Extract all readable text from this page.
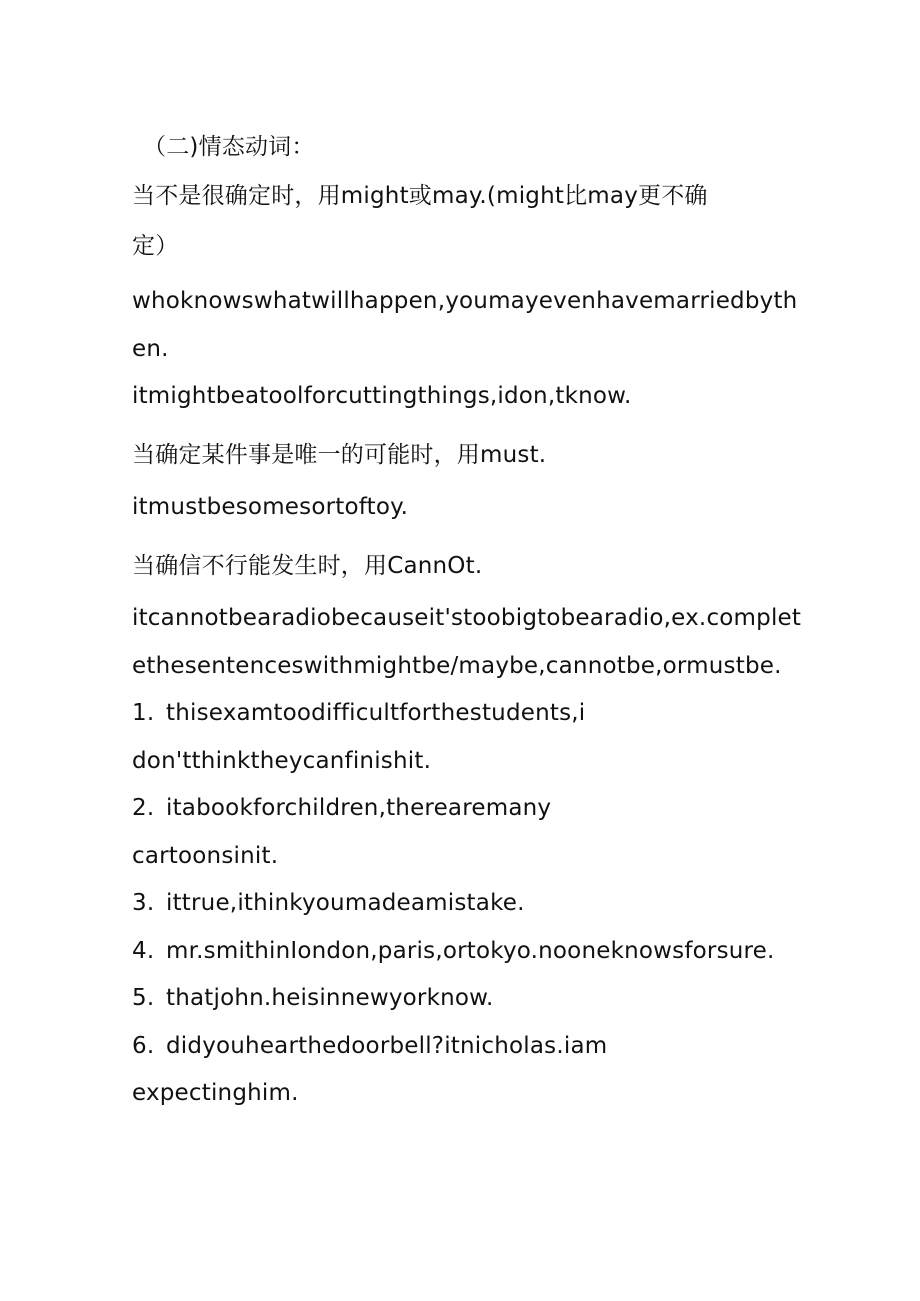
（二)情态动词：
当不是很确定时，用might或may.(might比may更不确
定）
whoknowswhatwillhappen,youmayevenhavemarriedbyth
en.
itmightbeatoolforcuttingthings,idon,tknow.
当确定某件事是唯一的可能时，用must.
itmustbesomesortoftoy.
当确信不行能发生时，用CannOt.
itcannotbearadiobecauseit'stoobigtobearadio,ex.complet
ethesentenceswithmightbe/maybe,cannotbe,ormustbe.
1. thisexamtoodifficultforthestudents,i
don'tthinktheycanfinishit.
2. itabookforchildren,therearemany
cartoonsinit.
3. ittrue,ithinkyoumadeamistake.
4. mr.smithinIondon,paris,ortokyo.nooneknowsforsure.
5. thatjohn.heisinnewyorknow.
6. didyouhearthedoorbell?itnicholas.iam
expectinghim.
